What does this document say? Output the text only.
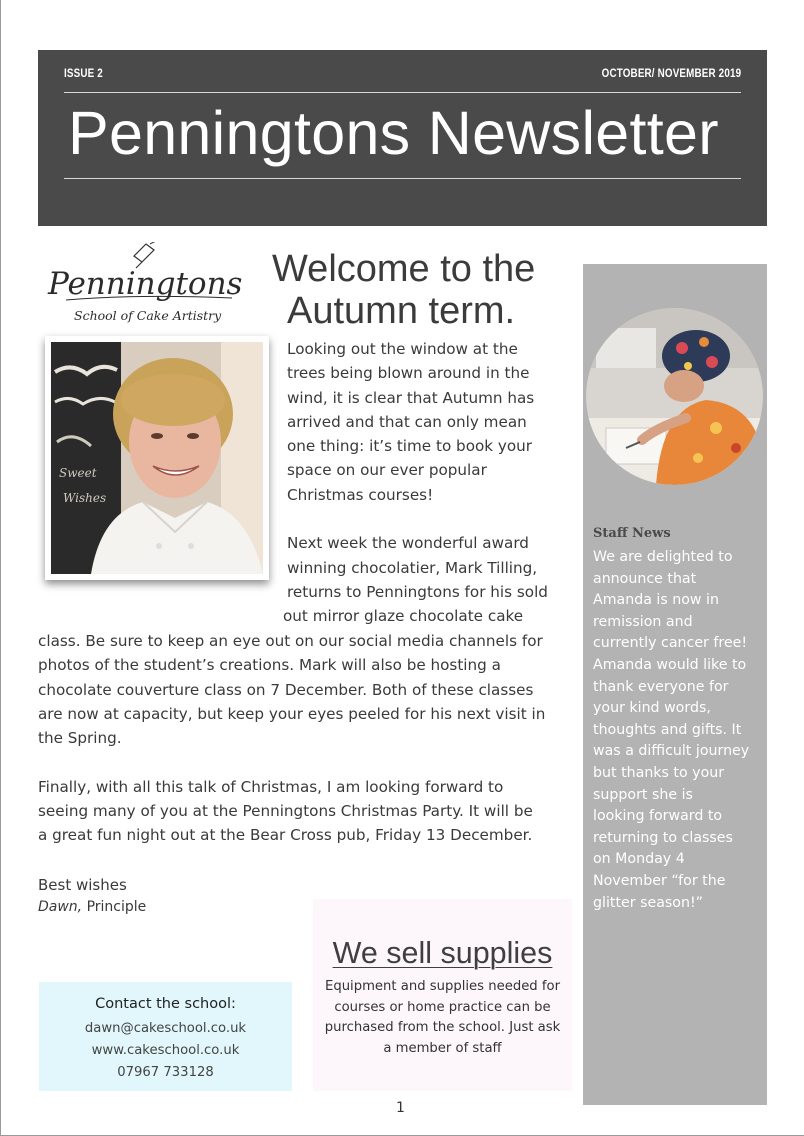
ISSUE 2	OCTOBER/ NOVEMBER 2019
Penningtons Newsletter
Penningtons
School of Cake Artistry
Sweet
Wishes
Welcome to the
Autumn term.
Looking out the window at the
trees being blown around in the
wind, it is clear that Autumn has
arrived and that can only mean
one thing: it’s time to book your
space on our ever popular
Christmas courses!
Next week the wonderful award
winning chocolatier, Mark Tilling,
returns to Penningtons for his sold
out mirror glaze chocolate cake
class. Be sure to keep an eye out on our social media channels for
photos of the student’s creations. Mark will also be hosting a
chocolate couverture class on 7 December. Both of these classes
are now at capacity, but keep your eyes peeled for his next visit in
the Spring.
Finally, with all this talk of Christmas, I am looking forward to
seeing many of you at the Penningtons Christmas Party. It will be
a great fun night out at the Bear Cross pub, Friday 13 December.
Best wishes
Dawn, Principle
Staff News
We are delighted to
announce that
Amanda is now in
remission and
currently cancer free!
Amanda would like to
thank everyone for
your kind words,
thoughts and gifts. It
was a difficult journey
but thanks to your
support she is
looking forward to
returning to classes
on Monday 4
November “for the
glitter season!”
Contact the school:
dawn@cakeschool.co.uk
www.cakeschool.co.uk
07967 733128
We sell supplies
Equipment and supplies needed for
courses or home practice can be
purchased from the school. Just ask
a member of staff
1
